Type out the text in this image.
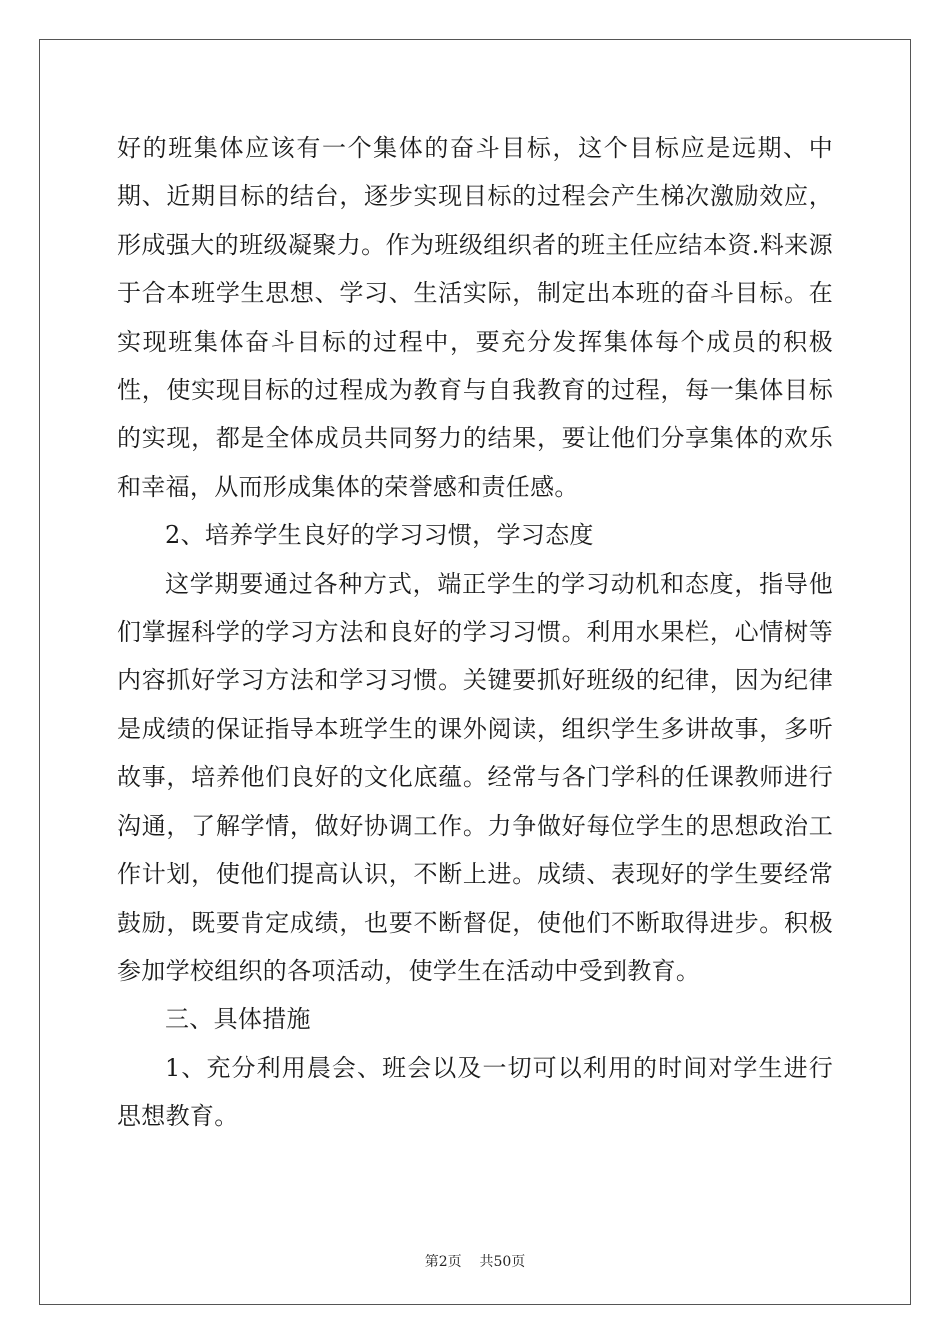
好的班集体应该有一个集体的奋斗目标，这个目标应是远期、中期、近期目标的结台，逐步实现目标的过程会产生梯次激励效应，形成强大的班级凝聚力。作为班级组织者的班主任应结本资.料来源于合本班学生思想、学习、生活实际，制定出本班的奋斗目标。在实现班集体奋斗目标的过程中，要充分发挥集体每个成员的积极性，使实现目标的过程成为教育与自我教育的过程，每一集体目标的实现，都是全体成员共同努力的结果，要让他们分享集体的欢乐和幸福，从而形成集体的荣誉感和责任感。

2、培养学生良好的学习习惯，学习态度

这学期要通过各种方式，端正学生的学习动机和态度，指导他们掌握科学的学习方法和良好的学习习惯。利用水果栏，心情树等内容抓好学习方法和学习习惯。关键要抓好班级的纪律，因为纪律是成绩的保证指导本班学生的课外阅读，组织学生多讲故事，多听故事，培养他们良好的文化底蕴。经常与各门学科的任课教师进行沟通，了解学情，做好协调工作。力争做好每位学生的思想政治工作计划，使他们提高认识，不断上进。成绩、表现好的学生要经常鼓励，既要肯定成绩，也要不断督促，使他们不断取得进步。积极参加学校组织的各项活动，使学生在活动中受到教育。

三、具体措施

1、充分利用晨会、班会以及一切可以利用的时间对学生进行思想教育。

第2页 共50页
